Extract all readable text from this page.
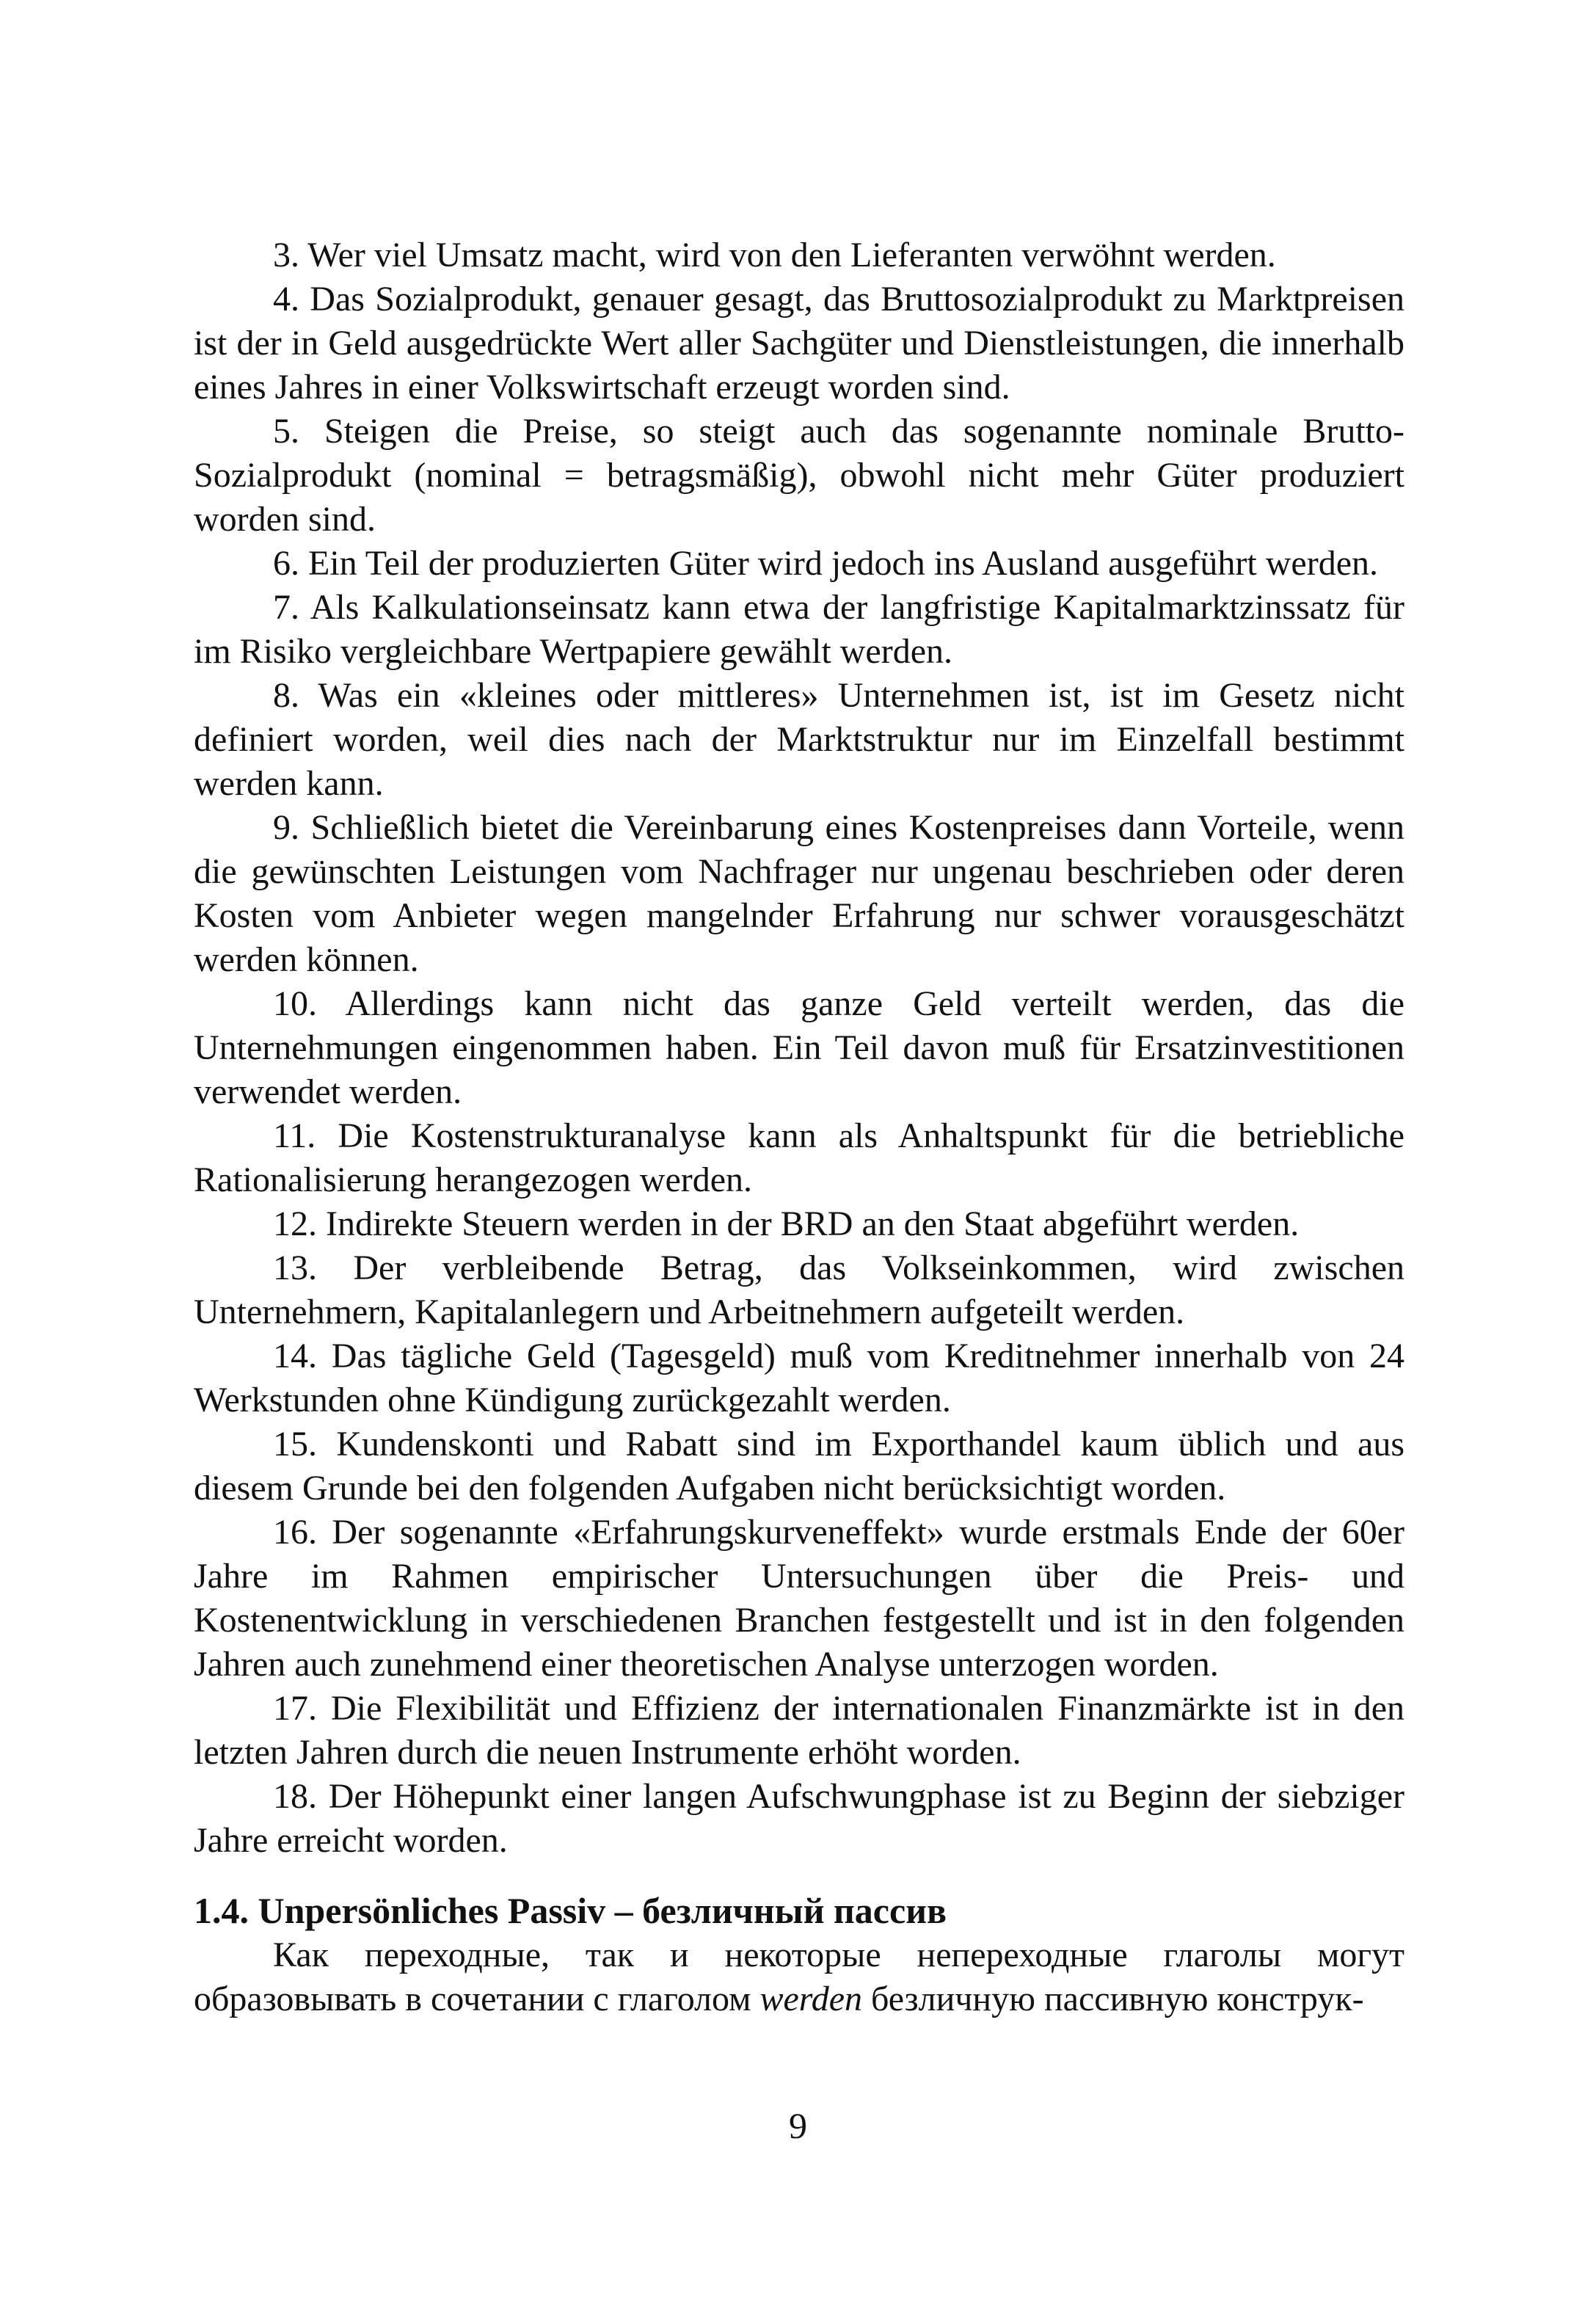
3. Wer viel Umsatz macht, wird von den Lieferanten verwöhnt werden.

4. Das Sozialprodukt, genauer gesagt, das Bruttosozialprodukt zu Marktpreisen ist der in Geld ausgedrückte Wert aller Sachgüter und Dienstleistungen, die innerhalb eines Jahres in einer Volkswirtschaft erzeugt worden sind.

5. Steigen die Preise, so steigt auch das sogenannte nominale Brutto-Sozialprodukt (nominal = betragsmäßig), obwohl nicht mehr Güter produziert worden sind.

6. Ein Teil der produzierten Güter wird jedoch ins Ausland ausgeführt werden.

7. Als Kalkulationseinsatz kann etwa der langfristige Kapitalmarktzinssatz für im Risiko vergleichbare Wertpapiere gewählt werden.

8. Was ein «kleines oder mittleres» Unternehmen ist, ist im Gesetz nicht definiert worden, weil dies nach der Marktstruktur nur im Einzelfall bestimmt werden kann.

9. Schließlich bietet die Vereinbarung eines Kostenpreises dann Vorteile, wenn die gewünschten Leistungen vom Nachfrager nur ungenau beschrieben oder deren Kosten vom Anbieter wegen mangelnder Erfahrung nur schwer vorausgeschätzt werden können.

10. Allerdings kann nicht das ganze Geld verteilt werden, das die Unternehmungen eingenommen haben. Ein Teil davon muß für Ersatzinvestitionen verwendet werden.

11. Die Kostenstrukturanalyse kann als Anhaltspunkt für die betriebliche Rationalisierung herangezogen werden.

12. Indirekte Steuern werden in der BRD an den Staat abgeführt werden.

13. Der verbleibende Betrag, das Volkseinkommen, wird zwischen Unternehmern, Kapitalanlegern und Arbeitnehmern aufgeteilt werden.

14. Das tägliche Geld (Tagesgeld) muß vom Kreditnehmer innerhalb von 24 Werkstunden ohne Kündigung zurückgezahlt werden.

15. Kundenskonti und Rabatt sind im Exporthandel kaum üblich und aus diesem Grunde bei den folgenden Aufgaben nicht berücksichtigt worden.

16. Der sogenannte «Erfahrungskurveneffekt» wurde erstmals Ende der 60er Jahre im Rahmen empirischer Untersuchungen über die Preis- und Kostenentwicklung in verschiedenen Branchen festgestellt und ist in den folgenden Jahren auch zunehmend einer theoretischen Analyse unterzogen worden.

17. Die Flexibilität und Effizienz der internationalen Finanzmärkte ist in den letzten Jahren durch die neuen Instrumente erhöht worden.

18. Der Höhepunkt einer langen Aufschwungphase ist zu Beginn der siebziger Jahre erreicht worden.

1.4. Unpersönliches Passiv – безличный пассив

Как переходные, так и некоторые непереходные глаголы могут образовывать в сочетании с глаголом werden безличную пассивную конструк-

9
